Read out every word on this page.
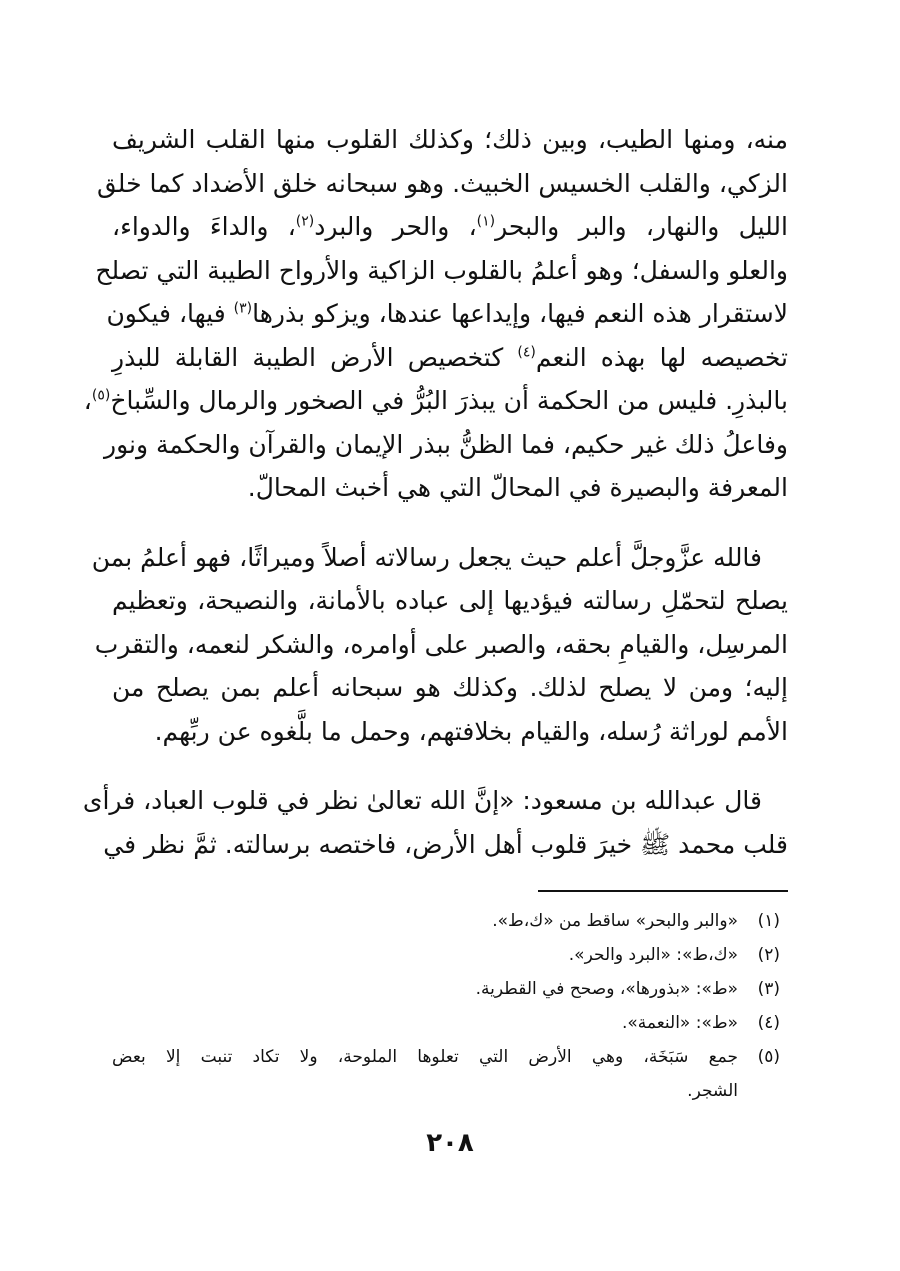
منه، ومنها الطيب، وبين ذلك؛ وكذلك القلوب منها القلب الشريف
الزكي، والقلب الخسيس الخبيث. وهو سبحانه خلق الأضداد كما خلق
الليل والنهار، والبر والبحر$^{(١)}$، والحر والبرد$^{(٢)}$، والداءَ والدواء،
والعلو والسفل؛ وهو أعلمُ بالقلوب الزاكية والأرواح الطيبة التي تصلح
لاستقرار هذه النعم فيها، وإيداعها عندها، ويزكو بذرها$^{(٣)}$ فيها، فيكون
تخصيصه لها بهذه النعم$^{(٤)}$ كتخصيص الأرض الطيبة القابلة للبذرِ
بالبذرِ. فليس من الحكمة أن يبذرَ البُرُّ في الصخور والرمال والسِّباخ$^{(٥)}$،
وفاعلُ ذلك غير حكيم، فما الظنُّ ببذر الإيمان والقرآن والحكمة ونور
المعرفة والبصيرة في المحالّ التي هي أخبث المحالّ.
فالله عزَّوجلَّ أعلم حيث يجعل رسالاته أصلاً وميراثًا، فهو أعلمُ بمن
يصلح لتحمّلِ رسالته فيؤديها إلى عباده بالأمانة، والنصيحة، وتعظيم
المرسِل، والقيامِ بحقه، والصبر على أوامره، والشكر لنعمه، والتقرب
إليه؛ ومن لا يصلح لذلك. وكذلك هو سبحانه أعلم بمن يصلح من
الأمم لوراثة رُسله، والقيام بخلافتهم، وحمل ما بلَّغوه عن ربِّهم.
قال عبدالله بن مسعود: «إنَّ الله تعالىٰ نظر في قلوب العباد، فرأى
قلب محمد ﷺ خيرَ قلوب أهل الأرض، فاختصه برسالته. ثمَّ نظر في
(١)
«والبر والبحر» ساقط من «ك،ط».
(٢)
«ك،ط»: «البرد والحر».
(٣)
«ط»: «بذورها»، وصحح في القطرية.
(٤)
«ط»: «النعمة».
(٥)
جمع سَبَخَة، وهي الأرض التي تعلوها الملوحة، ولا تكاد تنبت إلا بعض
الشجر.
٢٠٨
